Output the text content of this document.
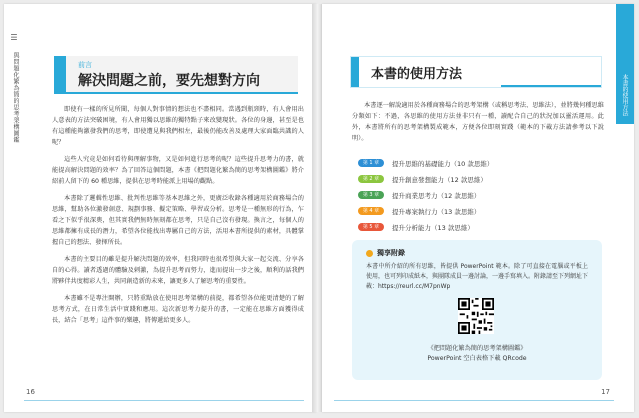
☰
與問題化繁為簡的思考架構圖鑑	前言
解決問題之前，要先想對方向

即使有一樣的所見所聞，每個人對事情的想法也不盡相同。當遇到瓶頸時，有人會用出人意表的方法突破困境，有人會用獨以思維的獨特點子來改變現狀。各位的身邊，甚至是也有這種能夠激發我們的思考，即使遭見與我們相左，最後仍能改善及處理大家面臨共識的人呢？

這些人究竟是如何看待與理解事物，又是如何進行思考的呢？這些提升思考力的書，就能提高解決問題的效率？為了回答這個問題，本書《把問題化繁為簡的思考架構圖鑑》將介紹前人留下的 60 種思維，提供在思考時能派上用場的觀點。

本書除了邏輯性思維、批判性思維等基本思維之外，更廣泛收錄各種適用於商務場合的思維，幫助各位激發創意、規劃事務、擬定策略、學習或分析。思考是一種無形的行為，乍看之下似乎很深奧，但其實我們無時無刻都在思考，只是自己沒有發現。換言之，每個人的思維都擁有成長的潛力，希望各位能找出專屬自己的方法，活用本書所提供的素材，具體掌握自己的想法、發揮所長。

本書的主要目的雖是提升解決問題的效率，但我同時也很希望與大家一起交流、分享各自的心得。讀者透過的體驗及刺激，為提升思考而努力，進而提出一步之後，順利的話我們將夥伴共度精彩人生，共同創造新的未來，讓更多人了解思考的重要性。

本書雖不是專注開辦，只將重點放在使用思考架構的前提，都希望各位能更清楚的了解思考方式，在日常生活中實踐和應用。這次新思考力提升的書，一定能在思維方面獲得成長，結合「思考」這件事的樂趣，將傳遞給更多人。

16
本書的使用方法
本書的使用方法

本書逐一解說適用於各種商務場合的思考架構（或稱思考法、思維法），並將幾何種思維分類如下：不過，各思維的使用方法並非只有一種，讀配合自己的狀況加以靈活運用。此外，本書將所有的思考架構製成範本，方便各位即刻實踐（範本的下載方法請參考以下說明）。

第 1 章	提升思維的基礎能力（10 款思維）
第 2 章	提升創意發想能力（12 款思維）
第 3 章	提升商業思考力（12 款思維）
第 4 章	提升專案執行力（13 款思維）
第 5 章	提升分析能力（13 款思維）
獨享附錄
本書中所介紹的所有思維，皆提供 PowerPoint 範本。除了可直接在電腦或平板上使用，也可列印成紙本，與團隊成員一邊討論，一邊手寫填入。附錄請至下列網址下載：https://reurl.cc/M7pnWp
《把問題化繁為簡的思考架構圖鑑》
PowerPoint 空白表格下載 QRcode
17
